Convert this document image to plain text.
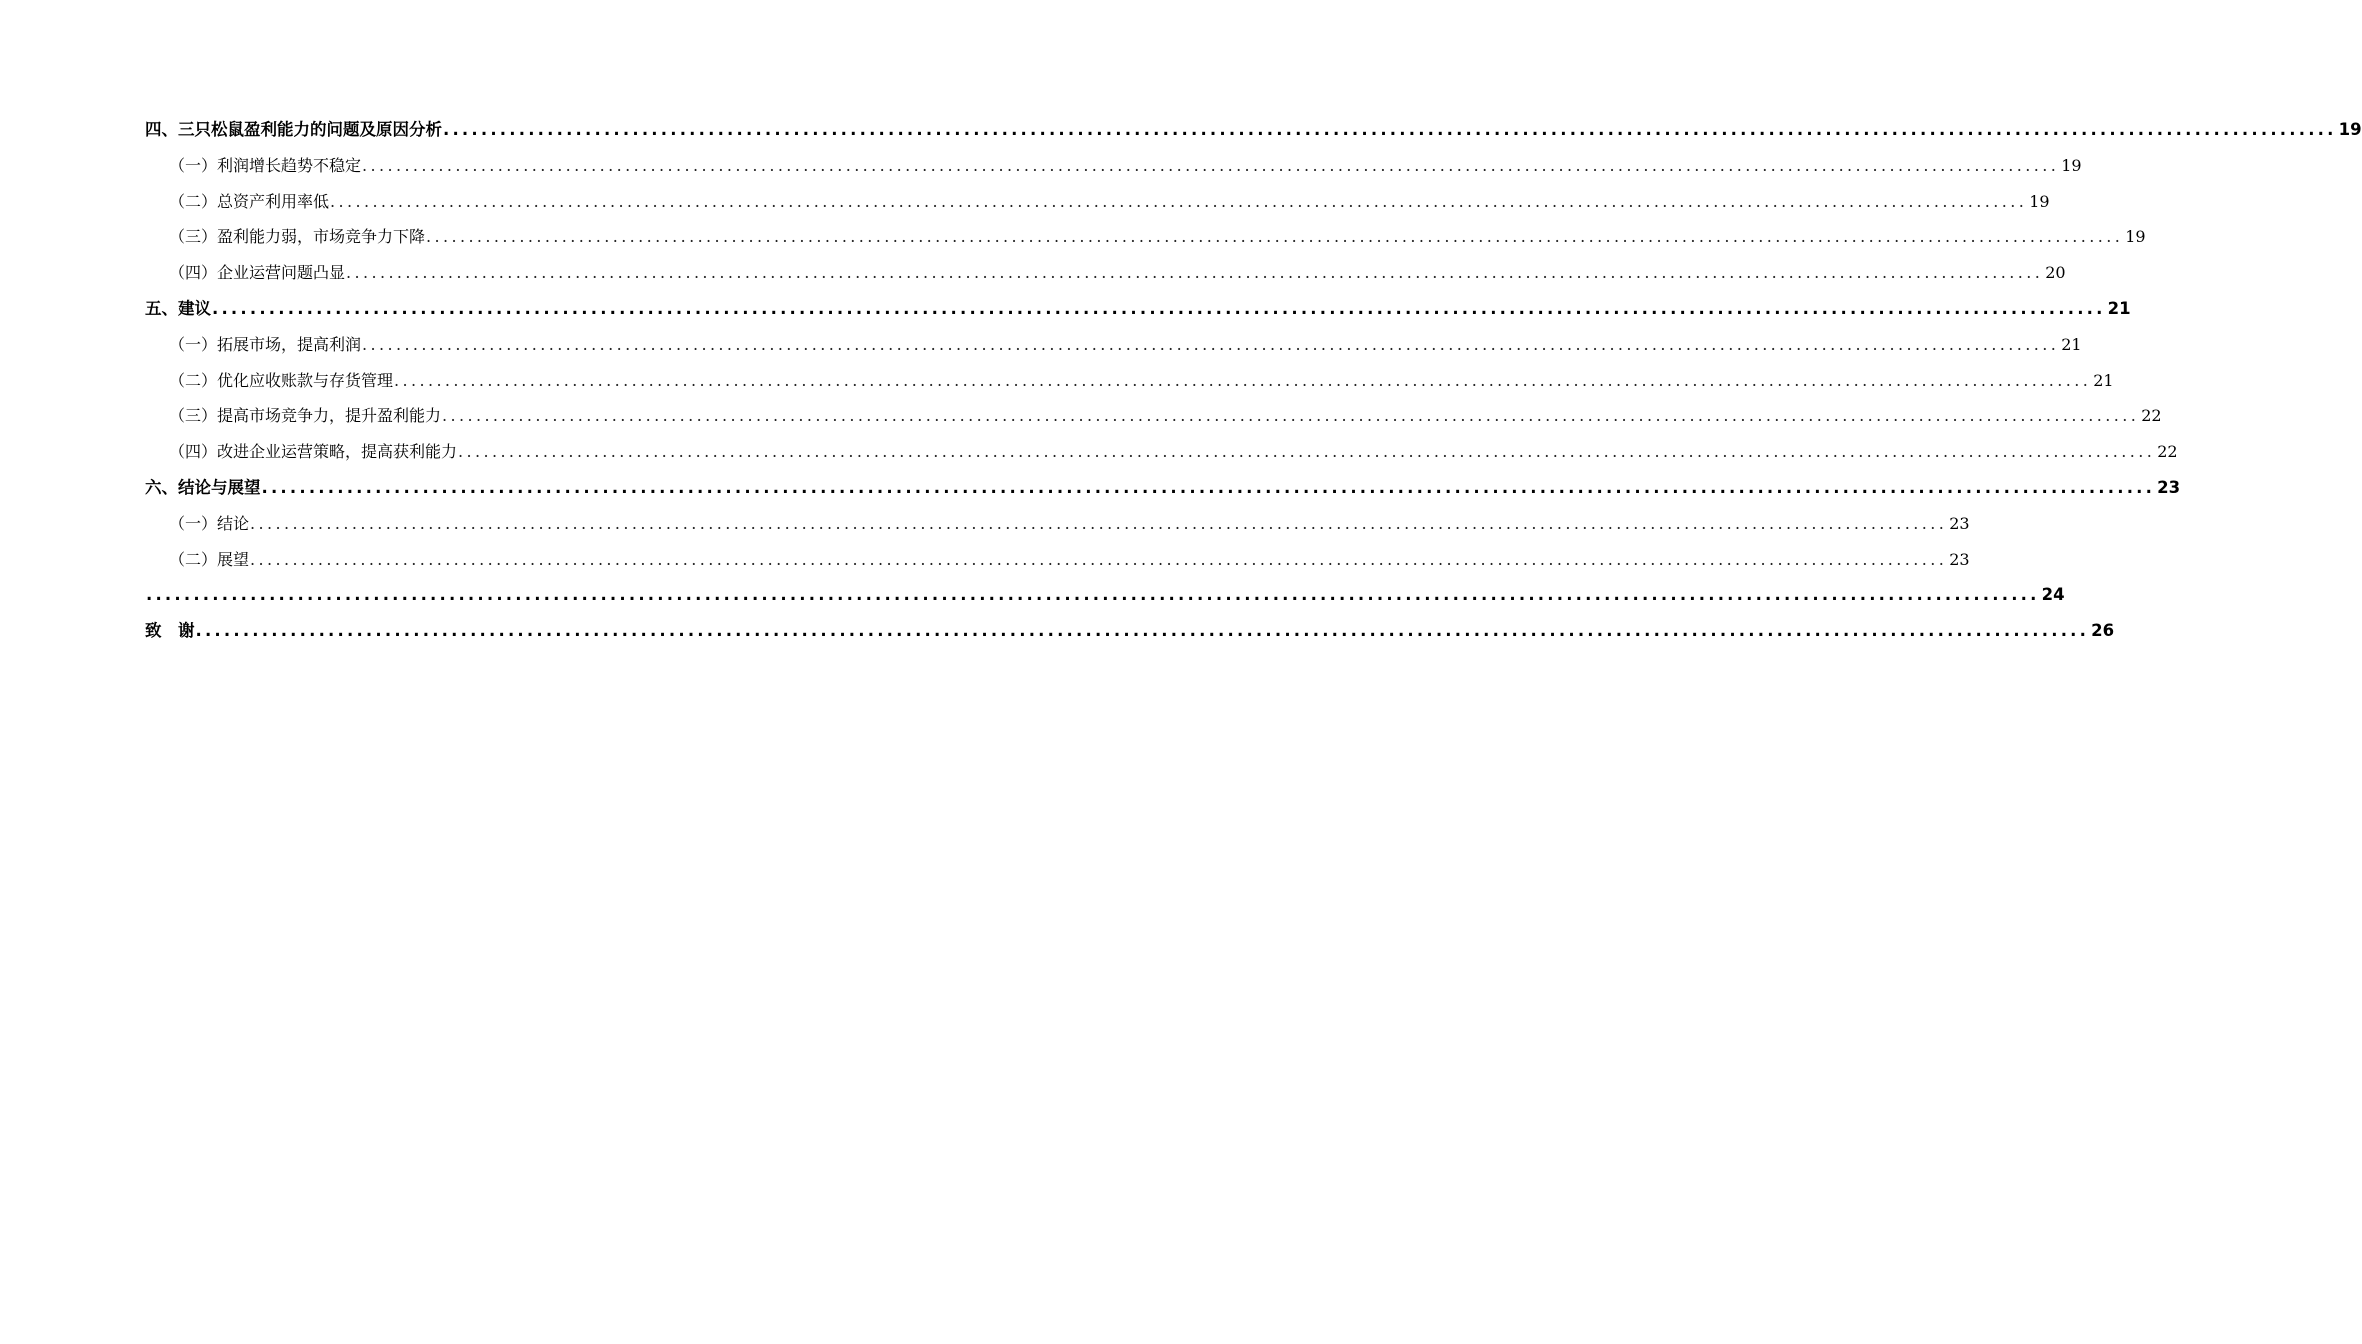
四、三只松鼠盈利能力的问题及原因分析 ........................................................................................................................................................................................................ 19
（一）利润增长趋势不稳定 ........................................................................................................................................................................................................ 19
（二）总资产利用率低 ........................................................................................................................................................................................................ 19
（三）盈利能力弱，市场竞争力下降 ........................................................................................................................................................................................................ 19
（四）企业运营问题凸显 ........................................................................................................................................................................................................ 20
五、建议 ........................................................................................................................................................................................................ 21
（一）拓展市场，提高利润 ........................................................................................................................................................................................................ 21
（二）优化应收账款与存货管理 ........................................................................................................................................................................................................ 21
（三）提高市场竞争力，提升盈利能力 ........................................................................................................................................................................................................ 22
（四）改进企业运营策略，提高获利能力 ........................................................................................................................................................................................................ 22
六、结论与展望 ........................................................................................................................................................................................................ 23
（一）结论 ........................................................................................................................................................................................................ 23
（二）展望 ........................................................................................................................................................................................................ 23
........................................................................................................................................................................................................ 24
致　谢 ........................................................................................................................................................................................................ 26
